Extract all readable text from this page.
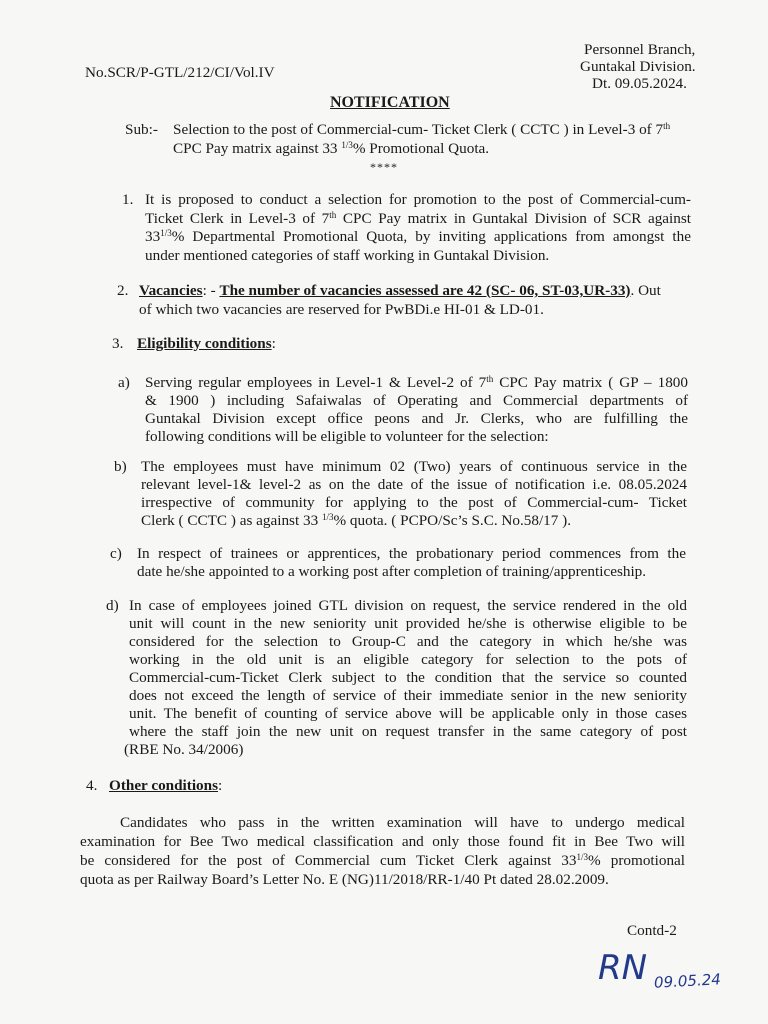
No.SCR/P-GTL/212/CI/Vol.IV
Personnel Branch,
Guntakal Division.
Dt. 09.05.2024.
NOTIFICATION
Sub:- Selection to the post of Commercial-cum- Ticket Clerk ( CCTC ) in Level-3 of 7th
CPC Pay matrix against 33 $^{1/3}$% Promotional Quota.
****
1. It is proposed to conduct a selection for promotion to the post of Commercial-cum-
Ticket Clerk in Level-3 of 7th CPC Pay matrix in Guntakal Division of SCR against
$33^{1/3}\%$ Departmental Promotional Quota, by inviting applications from amongst the
under mentioned categories of staff working in Guntakal Division.
2. Vacancies: - The number of vacancies assessed are 42 (SC- 06, ST-03,UR-33). Out
of which two vacancies are reserved for PwBDi.e HI-01 & LD-01.
3. Eligibility conditions:
a) Serving regular employees in Level-1 & Level-2 of 7th CPC Pay matrix ( GP – 1800
& 1900 ) including Safaiwalas of Operating and Commercial departments of
Guntakal Division except office peons and Jr. Clerks, who are fulfilling the
following conditions will be eligible to volunteer for the selection:
b) The employees must have minimum 02 (Two) years of continuous service in the
relevant level-1& level-2 as on the date of the issue of notification i.e. 08.05.2024
irrespective of community for applying to the post of Commercial-cum- Ticket
Clerk ( CCTC ) as against 33 $^{1/3}$% quota. ( PCPO/Sc’s S.C. No.58/17 ).
c) In respect of trainees or apprentices, the probationary period commences from the
date he/she appointed to a working post after completion of training/apprenticeship.
d) In case of employees joined GTL division on request, the service rendered in the old
unit will count in the new seniority unit provided he/she is otherwise eligible to be
considered for the selection to Group-C and the category in which he/she was
working in the old unit is an eligible category for selection to the pots of
Commercial-cum-Ticket Clerk subject to the condition that the service so counted
does not exceed the length of service of their immediate senior in the new seniority
unit. The benefit of counting of service above will be applicable only in those cases
where the staff join the new unit on request transfer in the same category of post
(RBE No. 34/2006)
4. Other conditions:
Candidates who pass in the written examination will have to undergo medical
examination for Bee Two medical classification and only those found fit in Bee Two will
be considered for the post of Commercial cum Ticket Clerk against $33^{1/3}\%$ promotional
quota as per Railway Board’s Letter No. E (NG)11/2018/RR-1/40 Pt dated 28.02.2009.
Contd-2
RN 09.05.24
